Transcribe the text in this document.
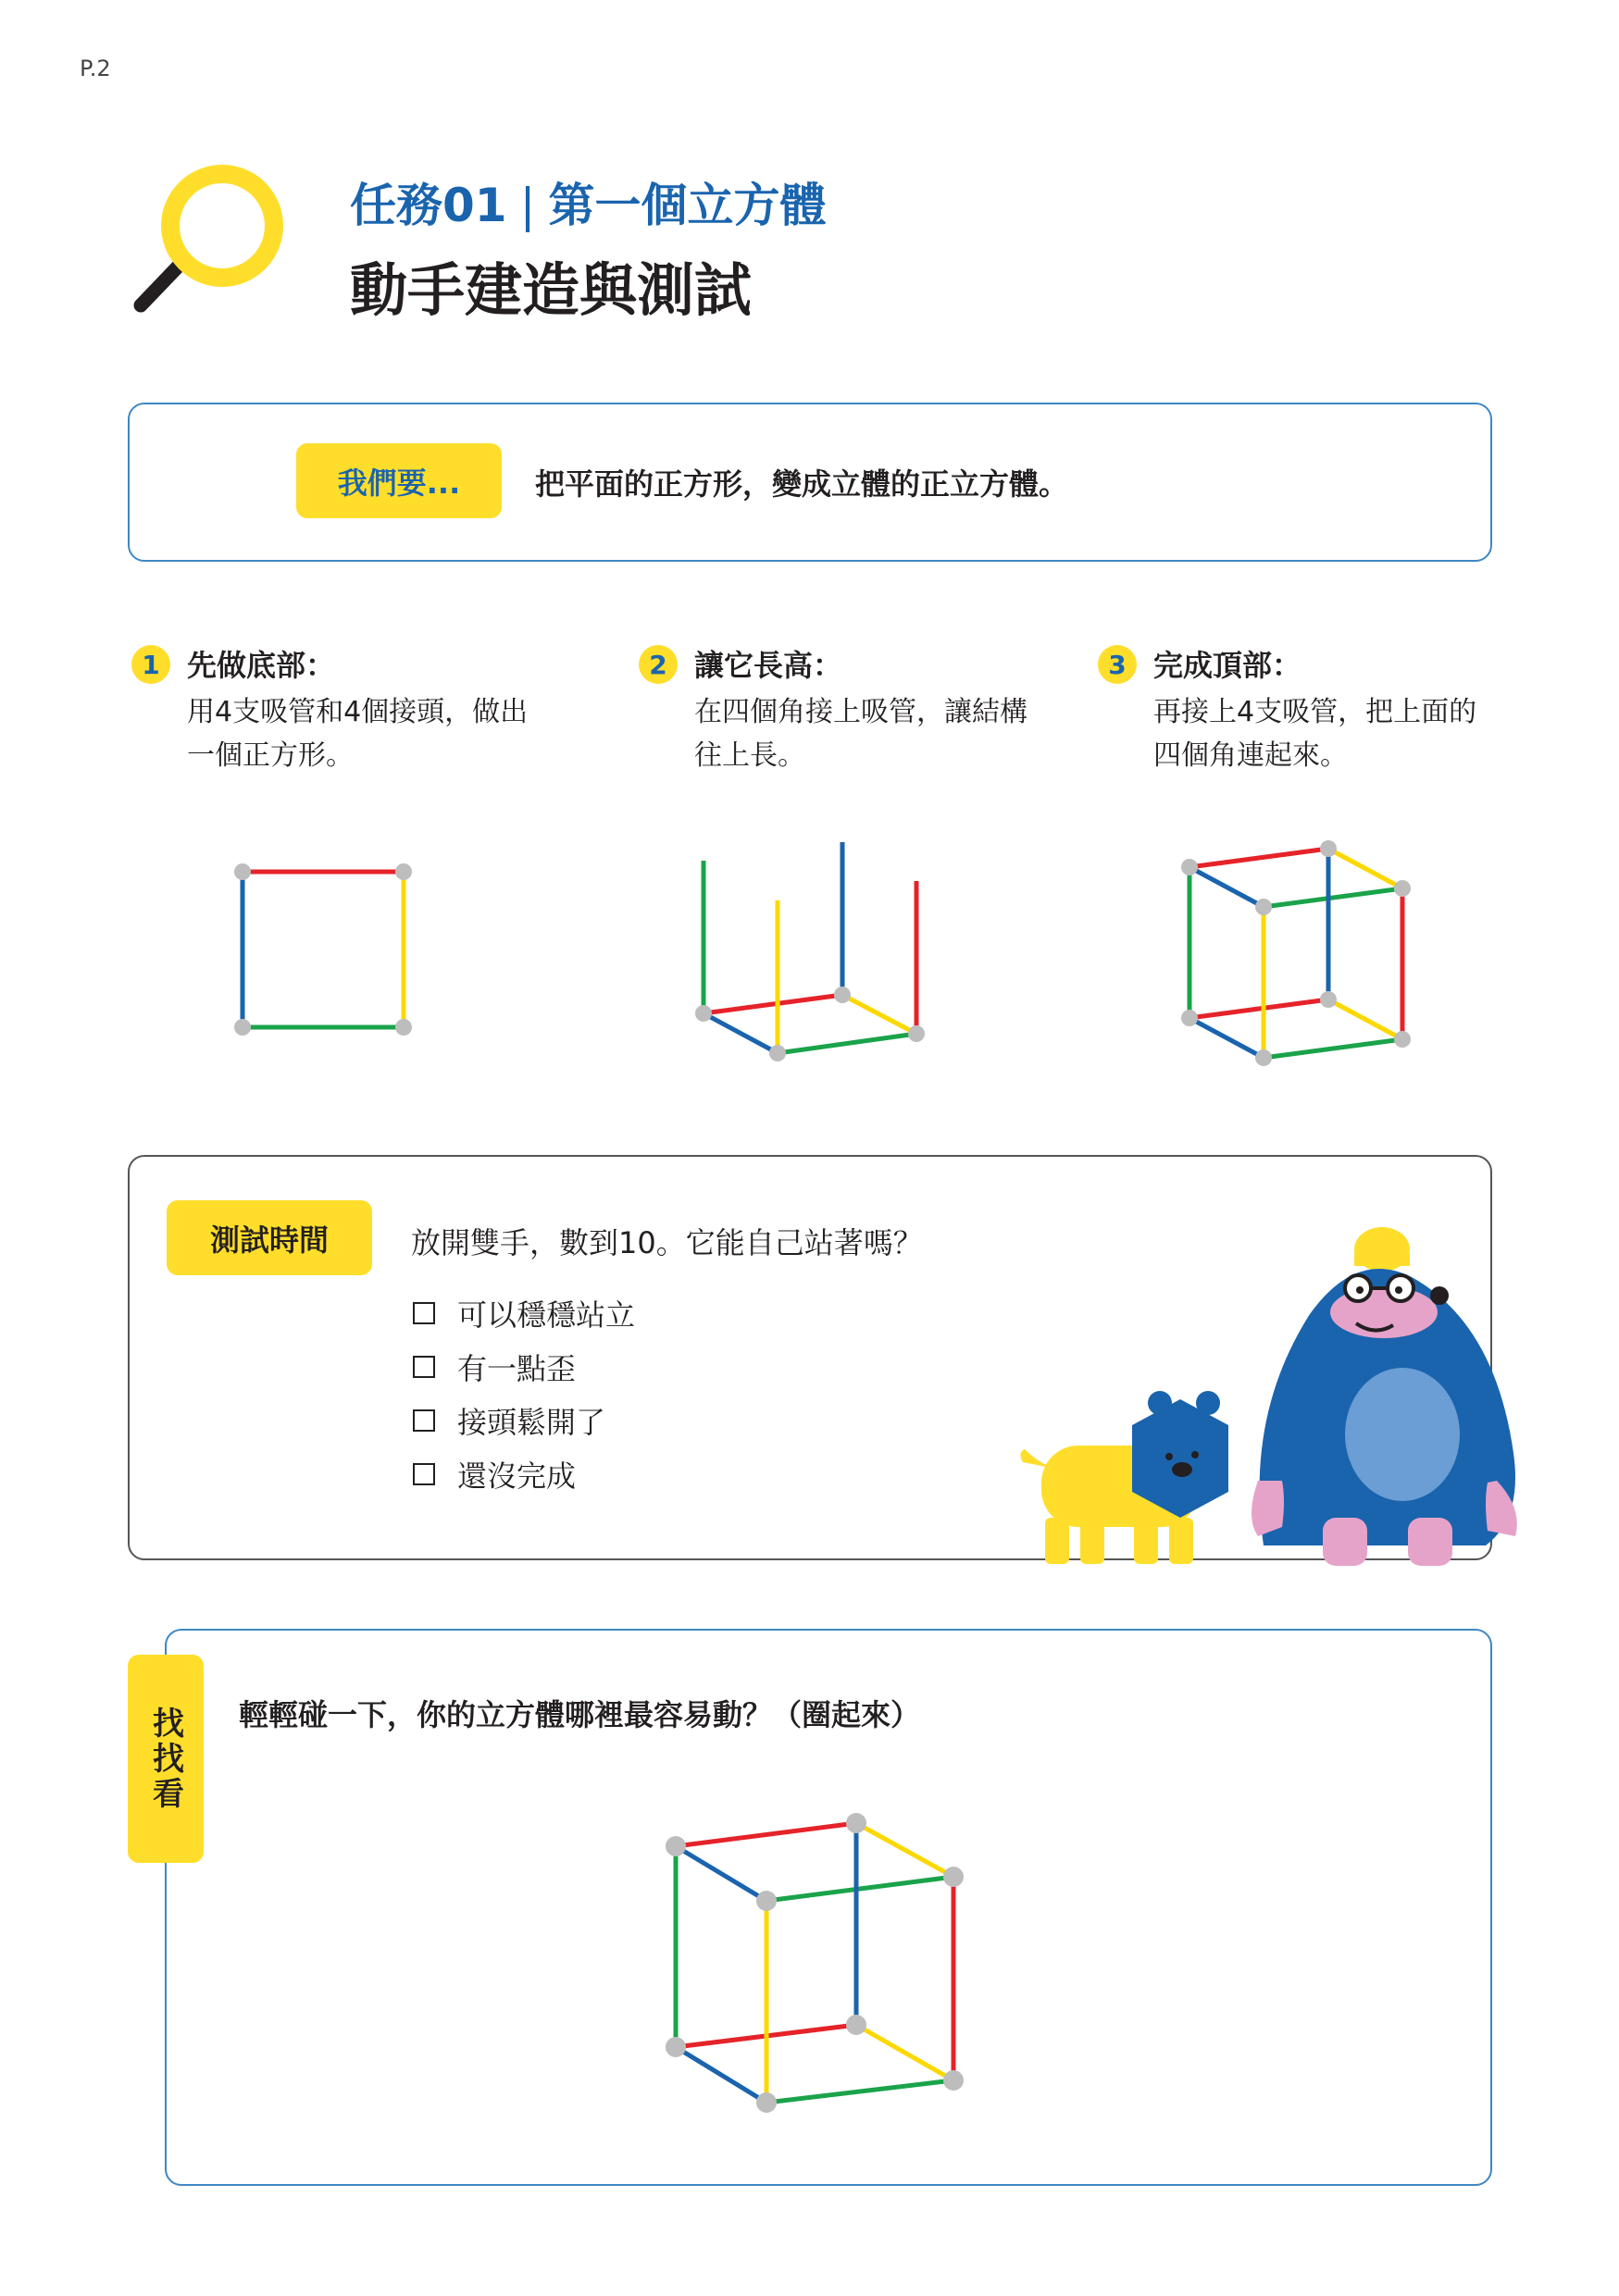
P.2
任務01 | 第一個立方體
動手建造與測試
我們要...	把平面的正方形，變成立體的正立方體。
1 先做底部：
用4支吸管和4個接頭，做出一個正方形。
2 讓它長高：
在四個角接上吸管，讓結構往上長。
3 完成頂部：
再接上4支吸管，把上面的四個角連起來。
測試時間	放開雙手，數到10。它能自己站著嗎？
可以穩穩站立
有一點歪
接頭鬆開了
還沒完成
找找看	輕輕碰一下，你的立方體哪裡最容易動？（圈起來）
